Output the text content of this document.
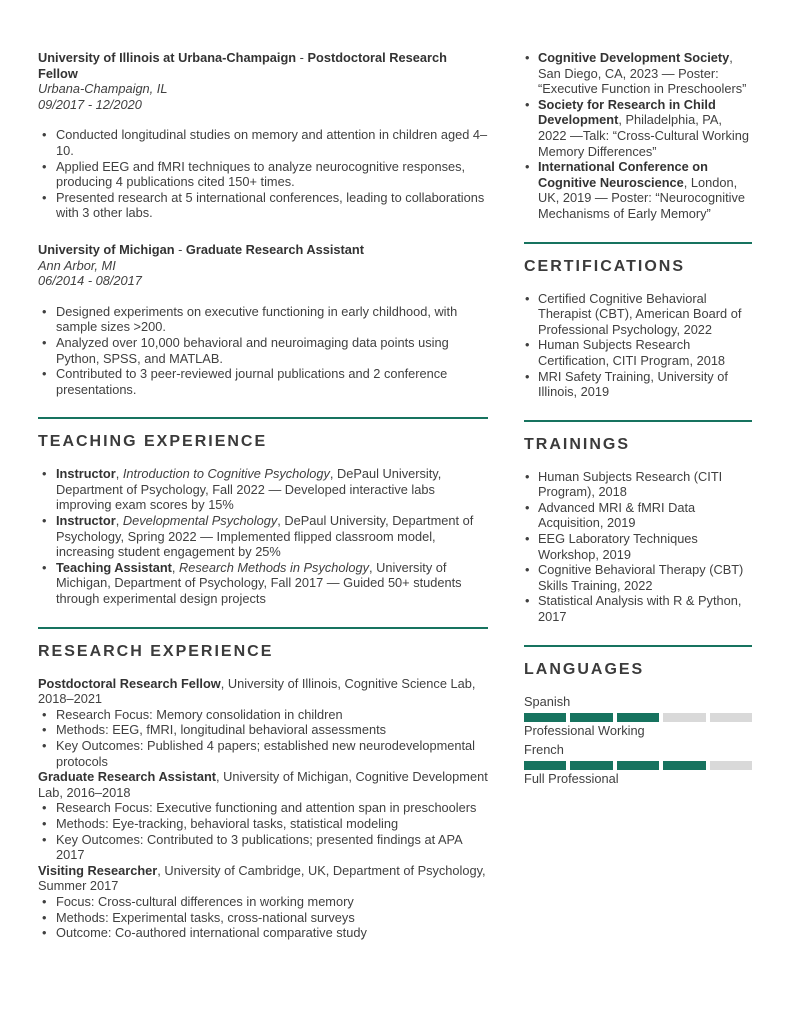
University of Illinois at Urbana-Champaign - Postdoctoral Research Fellow
Urbana-Champaign, IL
09/2017 - 12/2020
• Conducted longitudinal studies on memory and attention in children aged 4–10.
• Applied EEG and fMRI techniques to analyze neurocognitive responses, producing 4 publications cited 150+ times.
• Presented research at 5 international conferences, leading to collaborations with 3 other labs.
University of Michigan - Graduate Research Assistant
Ann Arbor, MI
06/2014 - 08/2017
• Designed experiments on executive functioning in early childhood, with sample sizes >200.
• Analyzed over 10,000 behavioral and neuroimaging data points using Python, SPSS, and MATLAB.
• Contributed to 3 peer-reviewed journal publications and 2 conference presentations.
TEACHING EXPERIENCE
• Instructor, Introduction to Cognitive Psychology, DePaul University, Department of Psychology, Fall 2022 — Developed interactive labs improving exam scores by 15%
• Instructor, Developmental Psychology, DePaul University, Department of Psychology, Spring 2022 — Implemented flipped classroom model, increasing student engagement by 25%
• Teaching Assistant, Research Methods in Psychology, University of Michigan, Department of Psychology, Fall 2017 — Guided 50+ students through experimental design projects
RESEARCH EXPERIENCE
Postdoctoral Research Fellow, University of Illinois, Cognitive Science Lab, 2018–2021
• Research Focus: Memory consolidation in children
• Methods: EEG, fMRI, longitudinal behavioral assessments
• Key Outcomes: Published 4 papers; established new neurodevelopmental protocols
Graduate Research Assistant, University of Michigan, Cognitive Development Lab, 2016–2018
• Research Focus: Executive functioning and attention span in preschoolers
• Methods: Eye-tracking, behavioral tasks, statistical modeling
• Key Outcomes: Contributed to 3 publications; presented findings at APA 2017
Visiting Researcher, University of Cambridge, UK, Department of Psychology, Summer 2017
• Focus: Cross-cultural differences in working memory
• Methods: Experimental tasks, cross-national surveys
• Outcome: Co-authored international comparative study
• Cognitive Development Society, San Diego, CA, 2023 — Poster: “Executive Function in Preschoolers”
• Society for Research in Child Development, Philadelphia, PA, 2022 —Talk: “Cross-Cultural Working Memory Differences”
• International Conference on Cognitive Neuroscience, London, UK, 2019 — Poster: “Neurocognitive Mechanisms of Early Memory”
CERTIFICATIONS
• Certified Cognitive Behavioral Therapist (CBT), American Board of Professional Psychology, 2022
• Human Subjects Research Certification, CITI Program, 2018
• MRI Safety Training, University of Illinois, 2019
TRAININGS
• Human Subjects Research (CITI Program), 2018
• Advanced MRI & fMRI Data Acquisition, 2019
• EEG Laboratory Techniques Workshop, 2019
• Cognitive Behavioral Therapy (CBT) Skills Training, 2022
• Statistical Analysis with R & Python, 2017
LANGUAGES
Spanish
Professional Working
French
Full Professional
